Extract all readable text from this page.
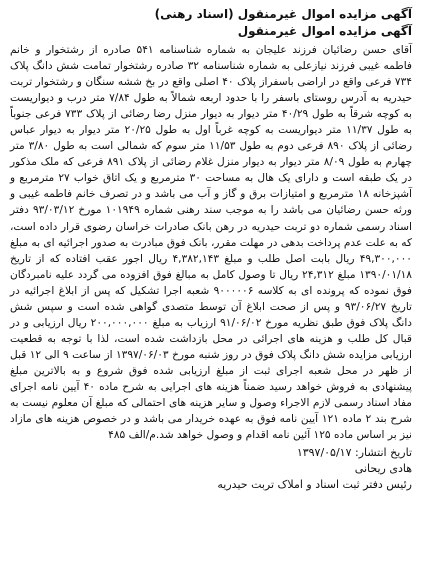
آگهی مزایده اموال غیرمنقول (اسناد رهنی)
آگهی مزایده اموال غیرمنقول

آقای حسن رضائیان فرزند علیجان به شماره شناسنامه ۵۴۱ صادره از رشتخوار و خانم فاطمه غیبی فرزند نیازعلی به شماره شناسنامه ۳۲ صادره رشتخوار تمامت شش دانگ پلاک ۷۳۴ فرعی واقع در اراضی باسفراز پلاک ۴۰ اصلی واقع در بخ ششه سنگان و رشتخوار تربت حیدریه به آدرس روستای باسفر را با حدود اربعه شمالاً به طول ۷/۸۴ متر درب و دیواریست به کوچه شرقاً به طول ۴۰/۲۹ متر دیوار به دیوار منزل رضا رضائی از پلاک ۷۳۳ فرعی جنوباً به طول ۱۱/۳۷ متر دیواریست به کوچه غرباً اول به طول ۲۰/۲۵ متر دیوار به دیوار عباس رضائی از پلاک ۸۹۰ فرعی دوم به طول ۱۱/۵۳ متر سوم که شمالی است به طول ۳/۸۰ متر چهارم به طول ۸/۰۹ متر دیوار به دیوار منزل غلام رضائی از پلاک ۸۹۱ فرعی که ملک مذکور در یک طبقه است و دارای یک هال به مساحت ۳۰ مترمربع و یک اتاق خواب ۲۷ مترمربع و آشپزخانه ۱۸ مترمربع و امتیازات برق و گاز و آب می باشد و در تصرف خانم فاطمه غیبی و ورثه حسن رضائیان می باشد را به موجب سند رهنی شماره ۱۰۱۹۴۹ مورخ ۹۳/۰۳/۱۲ دفتر اسناد رسمی شماره دو تربت حیدریه در رهن بانک صادرات خراسان رضوی قرار داده است، که به علت عدم پرداخت بدهی در مهلت مقرر، بانک فوق مبادرت به صدور اجرائیه ای به مبلغ ۴۹,۳۰۰,۰۰۰ ریال بابت اصل طلب و مبلغ ۴,۳۸۲,۱۴۳ ریال اجور عقب افتاده که از تاریخ ۱۳۹۰/۰۱/۱۸ مبلغ ۲۴,۳۱۲ ریال تا وصول کامل به مبالغ فوق افزوده می گردد علیه نامبردگان فوق نموده که پرونده ای به کلاسه ۹۰۰۰۰۰۶ شعبه اجرا تشکیل که پس از ابلاغ اجرائیه در تاریخ ۹۳/۰۶/۲۷ و پس از صحت ابلاغ آن توسط متصدی گواهی شده است و سپس شش دانگ پلاک فوق طبق نظریه مورخ ۹۱/۰۶/۰۲ ارزیاب به مبلغ ۲۰۰,۰۰۰,۰۰۰ ریال ارزیابی و در قبال کل طلب و هزینه های اجرائی در محل بازداشت شده است، لذا با توجه به قطعیت ارزیابی مزایده شش دانگ پلاک فوق در روز شنبه مورخ ۱۳۹۷/۰۶/۰۳ از ساعت ۹ الی ۱۲ قبل از ظهر در محل شعبه اجرای ثبت از مبلغ ارزیابی شده فوق شروع و به بالاترین مبلغ پیشنهادی به فروش خواهد رسید ضمناً هزینه های اجرایی به شرح ماده ۴۰ آیین نامه اجرای مفاد اسناد رسمی لازم الاجراء وصول و سایر هزینه های احتمالی که مبلغ آن معلوم نیست به شرح بند ۲ ماده ۱۲۱ آیین نامه فوق به عهده خریدار می باشد و در خصوص هزینه های مازاد نیز بر اساس ماده ۱۲۵ آئین نامه اقدام و وصول خواهد شد.م/الف ۴۸۵

تاریخ انتشار: ۱۳۹۷/۰۵/۱۷
هادی ریحانی
رئیس دفتر ثبت اسناد و املاک تربت حیدریه
